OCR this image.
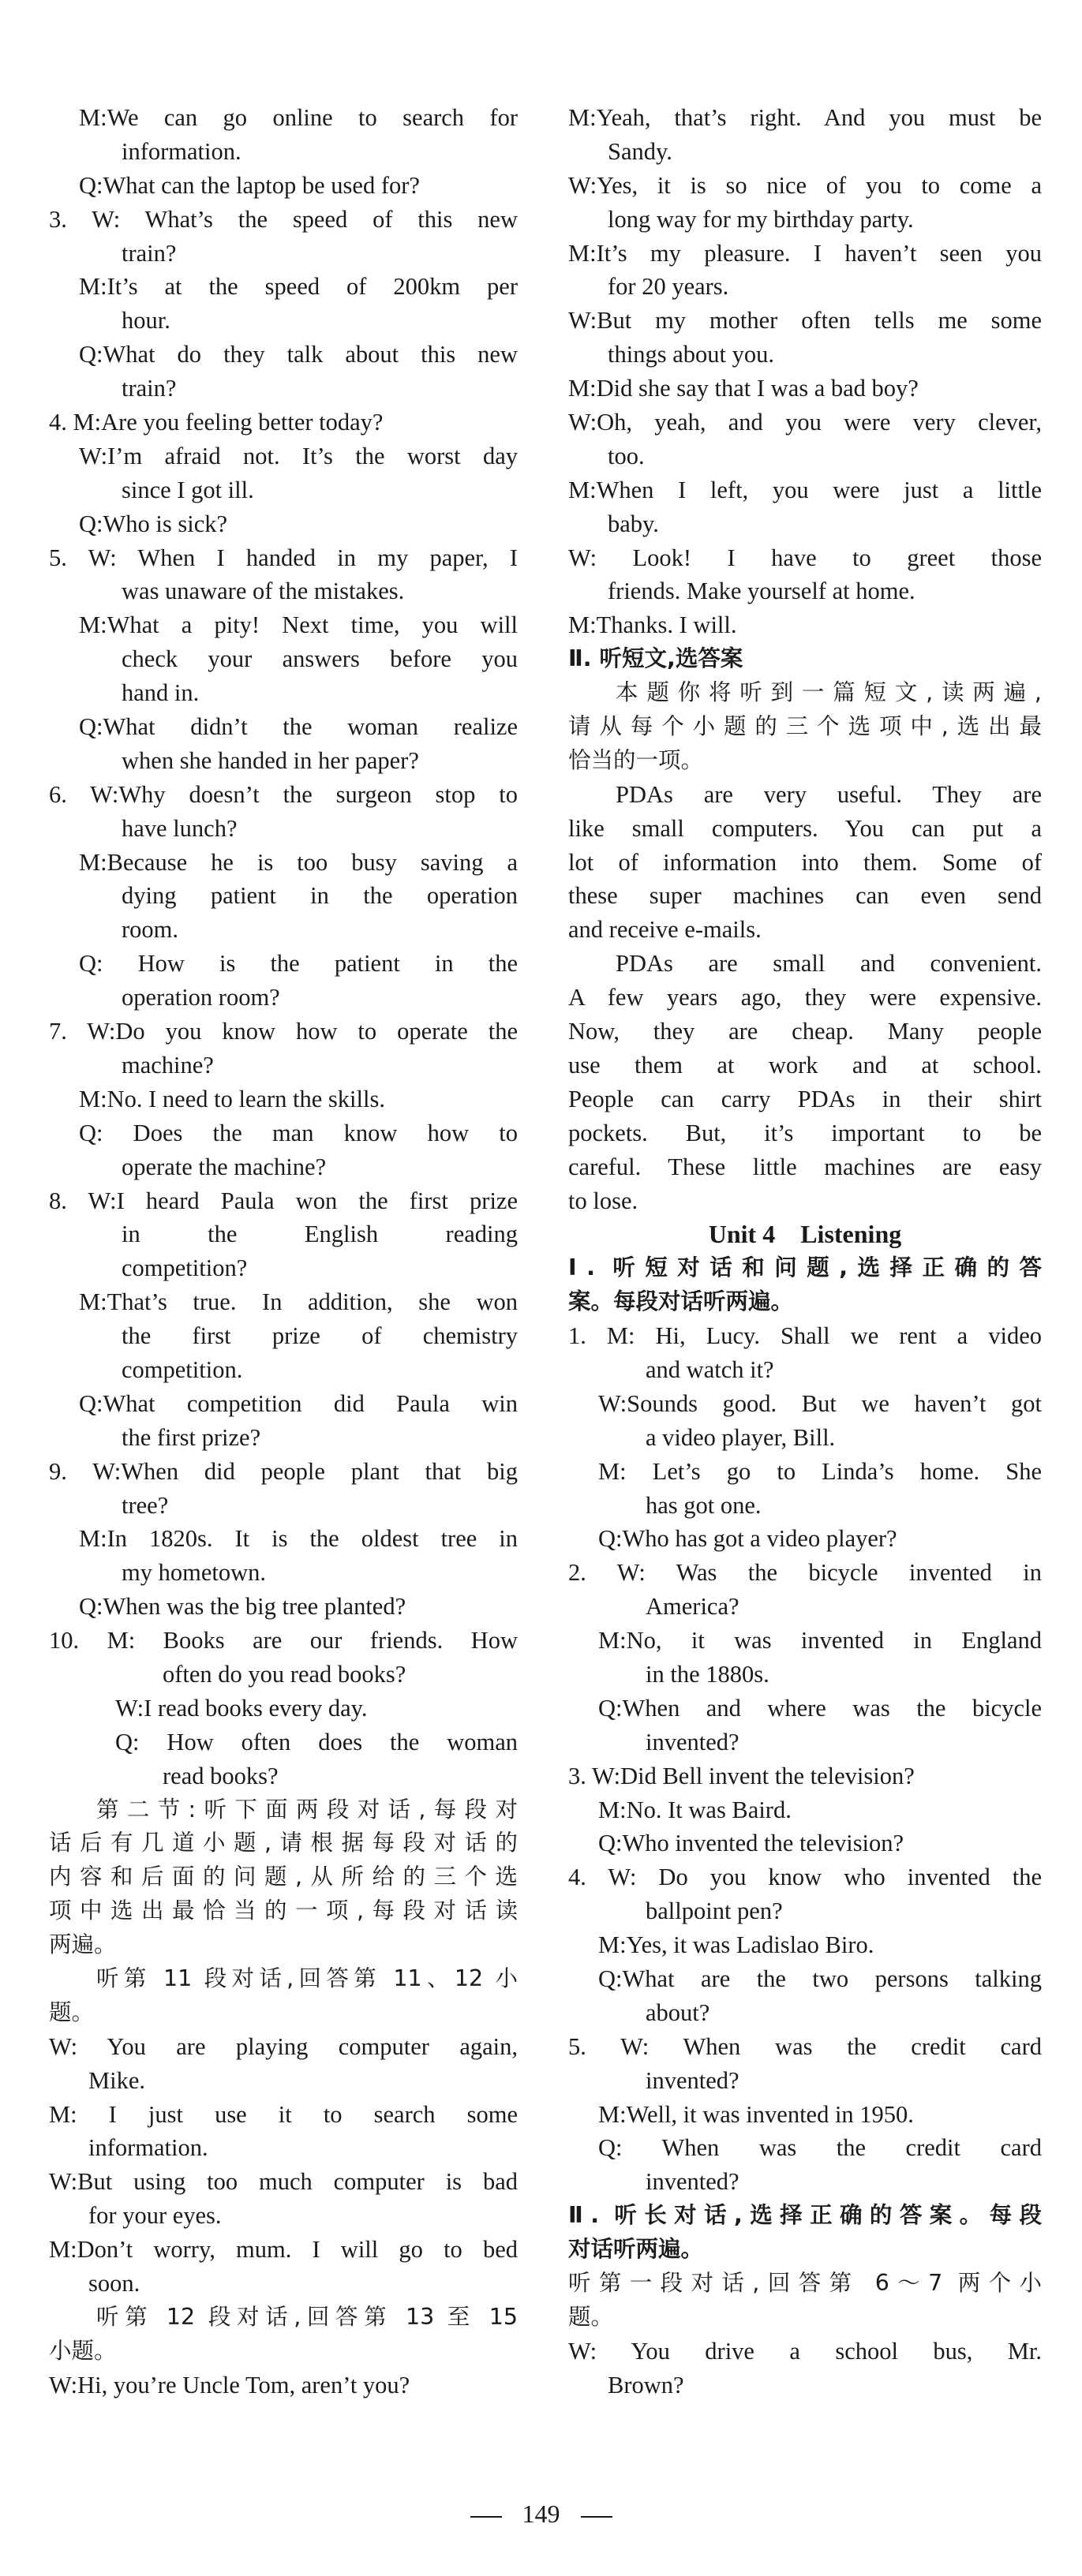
M:We can go online to search for
information.
Q:What can the laptop be used for?
3. W: What’s the speed of this new
train?
M:It’s at the speed of 200km per
hour.
Q:What do they talk about this new
train?
4. M:Are you feeling better today?
W:I’m afraid not. It’s the worst day
since I got ill.
Q:Who is sick?
5. W: When I handed in my paper, I
was unaware of the mistakes.
M:What a pity! Next time, you will
check your answers before you
hand in.
Q:What didn’t the woman realize
when she handed in her paper?
6. W:Why doesn’t the surgeon stop to
have lunch?
M:Because he is too busy saving a
dying patient in the operation
room.
Q: How is the patient in the
operation room?
7. W:Do you know how to operate the
machine?
M:No. I need to learn the skills.
Q: Does the man know how to
operate the machine?
8. W:I heard Paula won the first prize
in the English reading
competition?
M:That’s true. In addition, she won
the first prize of chemistry
competition.
Q:What competition did Paula win
the first prize?
9. W:When did people plant that big
tree?
M:In 1820s. It is the oldest tree in
my hometown.
Q:When was the big tree planted?
10. M: Books are our friends. How
often do you read books?
W:I read books every day.
Q: How often does the woman
read books?
第二节:听下面两段对话,每段对
话后有几道小题,请根据每段对话的
内容和后面的问题,从所给的三个选
项中选出最恰当的一项,每段对话读
两遍。
听第 11 段对话,回答第 11、12 小
题。
W: You are playing computer again,
Mike.
M: I just use it to search some
information.
W:But using too much computer is bad
for your eyes.
M:Don’t worry, mum. I will go to bed
soon.
听第 12 段对话,回答第 13 至 15
小题。
W:Hi, you’re Uncle Tom, aren’t you?
M:Yeah, that’s right. And you must be
Sandy.
W:Yes, it is so nice of you to come a
long way for my birthday party.
M:It’s my pleasure. I haven’t seen you
for 20 years.
W:But my mother often tells me some
things about you.
M:Did she say that I was a bad boy?
W:Oh, yeah, and you were very clever,
too.
M:When I left, you were just a little
baby.
W: Look! I have to greet those
friends. Make yourself at home.
M:Thanks. I will.
Ⅱ. 听短文,选答案
本题你将听到一篇短文,读两遍,
请从每个小题的三个选项中,选出最
恰当的一项。
PDAs are very useful. They are
like small computers. You can put a
lot of information into them. Some of
these super machines can even send
and receive e-mails.
PDAs are small and convenient.
A few years ago, they were expensive.
Now, they are cheap. Many people
use them at work and at school.
People can carry PDAs in their shirt
pockets. But, it’s important to be
careful. These little machines are easy
to lose.
Unit 4　Listening
Ⅰ. 听短对话和问题,选择正确的答
案。每段对话听两遍。
1. M: Hi, Lucy. Shall we rent a video
and watch it?
W:Sounds good. But we haven’t got
a video player, Bill.
M: Let’s go to Linda’s home. She
has got one.
Q:Who has got a video player?
2. W: Was the bicycle invented in
America?
M:No, it was invented in England
in the 1880s.
Q:When and where was the bicycle
invented?
3. W:Did Bell invent the television?
M:No. It was Baird.
Q:Who invented the television?
4. W: Do you know who invented the
ballpoint pen?
M:Yes, it was Ladislao Biro.
Q:What are the two persons talking
about?
5. W: When was the credit card
invented?
M:Well, it was invented in 1950.
Q: When was the credit card
invented?
Ⅱ. 听长对话,选择正确的答案。每段
对话听两遍。
听第一段对话,回答第 6～7 两个小
题。
W: You drive a school bus, Mr.
Brown?
149
